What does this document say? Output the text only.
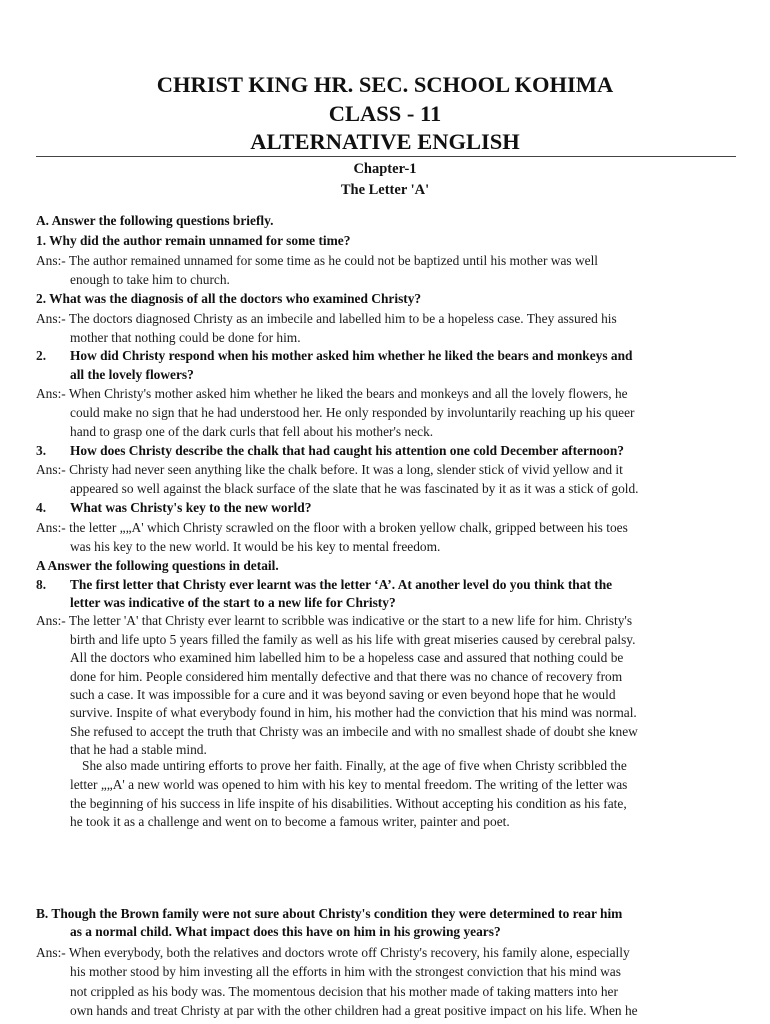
CHRIST KING HR. SEC. SCHOOL KOHIMA
CLASS - 11
ALTERNATIVE ENGLISH
Chapter-1
The Letter 'A'
A. Answer the following questions briefly.
1. Why did the author remain unnamed for some time?
Ans:- The author remained unnamed for some time as he could not be baptized until his mother was well
enough to take him to church.
2. What was the diagnosis of all the doctors who examined Christy?
Ans:- The doctors diagnosed Christy as an imbecile and labelled him to be a hopeless case. They assured his
mother that nothing could be done for him.
2. How did Christy respond when his mother asked him whether he liked the bears and monkeys and
all the lovely flowers?
Ans:- When Christy's mother asked him whether he liked the bears and monkeys and all the lovely flowers, he
could make no sign that he had understood her. He only responded by involuntarily reaching up his queer
hand to grasp one of the dark curls that fell about his mother's neck.
3. How does Christy describe the chalk that had caught his attention one cold December afternoon?
Ans:- Christy had never seen anything like the chalk before. It was a long, slender stick of vivid yellow and it
appeared so well against the black surface of the slate that he was fascinated by it as it was a stick of gold.
4. What was Christy's key to the new world?
Ans:- the letter „„A' which Christy scrawled on the floor with a broken yellow chalk, gripped between his toes
was his key to the new world. It would be his key to mental freedom.
A Answer the following questions in detail.
8. The first letter that Christy ever learnt was the letter ‘A’. At another level do you think that the
letter was indicative of the start to a new life for Christy?
Ans:- The letter 'A' that Christy ever learnt to scribble was indicative or the start to a new life for him. Christy's
birth and life upto 5 years filled the family as well as his life with great miseries caused by cerebral palsy.
All the doctors who examined him labelled him to be a hopeless case and assured that nothing could be
done for him. People considered him mentally defective and that there was no chance of recovery from
such a case. It was impossible for a cure and it was beyond saving or even beyond hope that he would
survive. Inspite of what everybody found in him, his mother had the conviction that his mind was normal.
She refused to accept the truth that Christy was an imbecile and with no smallest shade of doubt she knew
that he had a stable mind.
She also made untiring efforts to prove her faith. Finally, at the age of five when Christy scribbled the
letter „„A' a new world was opened to him with his key to mental freedom. The writing of the letter was
the beginning of his success in life inspite of his disabilities. Without accepting his condition as his fate,
he took it as a challenge and went on to become a famous writer, painter and poet.
B. Though the Brown family were not sure about Christy's condition they were determined to rear him
as a normal child. What impact does this have on him in his growing years?
Ans:- When everybody, both the relatives and doctors wrote off Christy's recovery, his family alone, especially
his mother stood by him investing all the efforts in him with the strongest conviction that his mind was
not crippled as his body was. The momentous decision that his mother made of taking matters into her
own hands and treat Christy at par with the other children had a great positive impact on his life. When he
